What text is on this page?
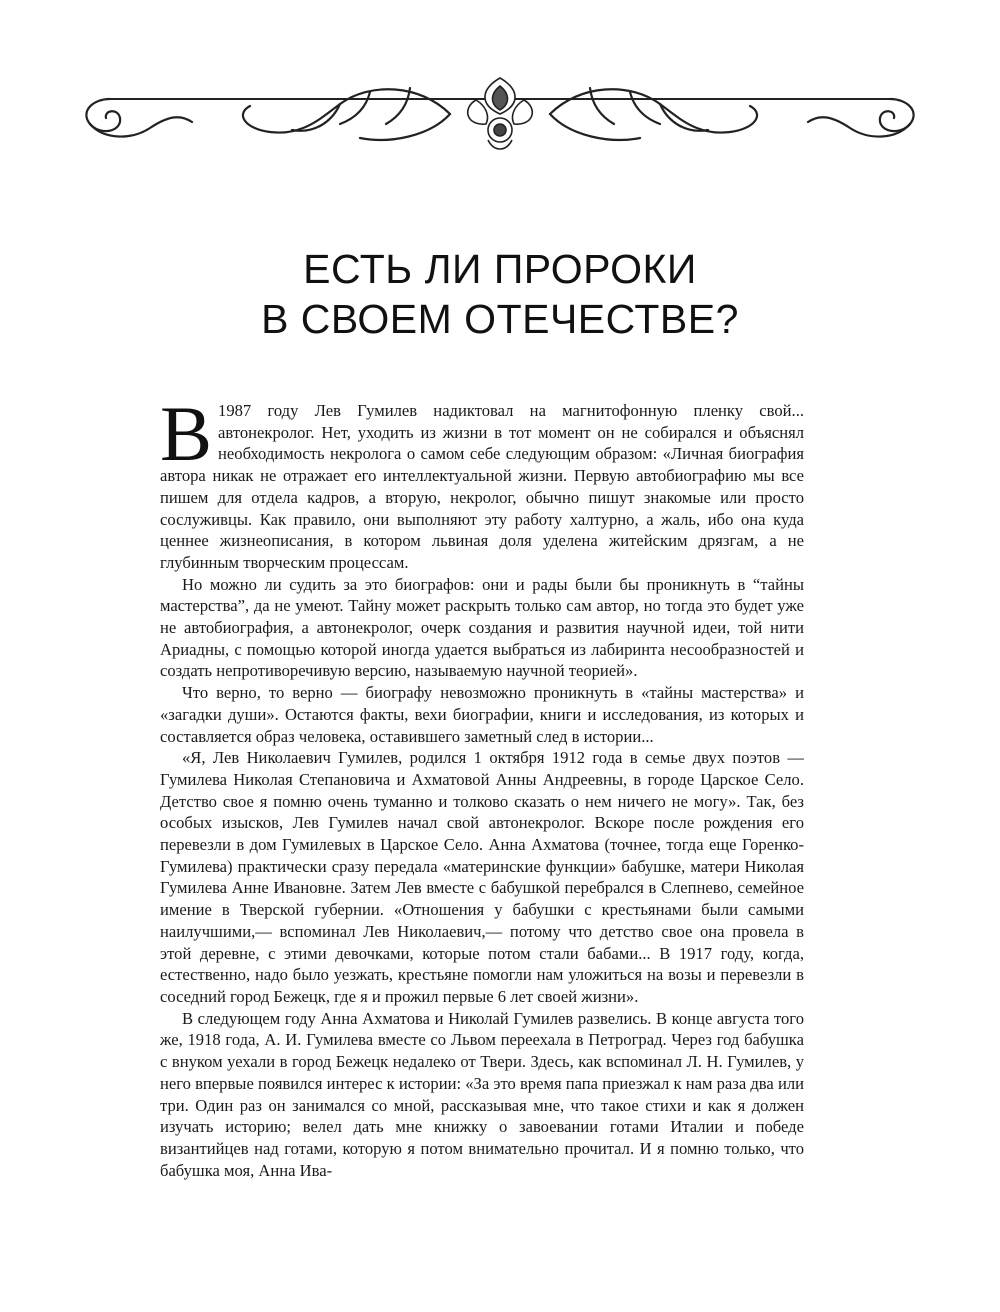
ЕСТЬ ЛИ ПРОРОКИ
В СВОЕМ ОТЕЧЕСТВЕ?

В 1987 году Лев Гумилев надиктовал на магнитофонную пленку свой... автонекролог. Нет, уходить из жизни в тот момент он не собирался и объяснял необходимость некролога о самом себе следующим образом: «Личная биография автора никак не отражает его интеллектуальной жизни. Первую автобиографию мы все пишем для отдела кадров, а вторую, некролог, обычно пишут знакомые или просто сослуживцы. Как правило, они выполняют эту работу халтурно, а жаль, ибо она куда ценнее жизнеописания, в котором львиная доля уделена житейским дрязгам, а не глубинным творческим процессам.

Но можно ли судить за это биографов: они и рады были бы проникнуть в “тайны мастерства”, да не умеют. Тайну может раскрыть только сам автор, но тогда это будет уже не автобиография, а автонекролог, очерк создания и развития научной идеи, той нити Ариадны, с помощью которой иногда удается выбраться из лабиринта несообразностей и создать непротиворечивую версию, называемую научной теорией».

Что верно, то верно — биографу невозможно проникнуть в «тайны мастерства» и «загадки души». Остаются факты, вехи биографии, книги и исследования, из которых и составляется образ человека, оставившего заметный след в истории...

«Я, Лев Николаевич Гумилев, родился 1 октября 1912 года в семье двух поэтов — Гумилева Николая Степановича и Ахматовой Анны Андреевны, в городе Царское Село. Детство свое я помню очень туманно и толково сказать о нем ничего не могу». Так, без особых изысков, Лев Гумилев начал свой автонекролог. Вскоре после рождения его перевезли в дом Гумилевых в Царское Село. Анна Ахматова (точнее, тогда еще Горенко-Гумилева) практически сразу передала «материнские функции» бабушке, матери Николая Гумилева Анне Ивановне. Затем Лев вместе с бабушкой перебрался в Слепнево, семейное имение в Тверской губернии. «Отношения у бабушки с крестьянами были самыми наилучшими,— вспоминал Лев Николаевич,— потому что детство свое она провела в этой деревне, с этими девочками, которые потом стали бабами... В 1917 году, когда, естественно, надо было уезжать, крестьяне помогли нам уложиться на возы и перевезли в соседний город Бежецк, где я и прожил первые 6 лет своей жизни».

В следующем году Анна Ахматова и Николай Гумилев развелись. В конце августа того же, 1918 года, А. И. Гумилева вместе со Львом переехала в Петроград. Через год бабушка с внуком уехали в город Бежецк недалеко от Твери. Здесь, как вспоминал Л. Н. Гумилев, у него впервые появился интерес к истории: «За это время папа приезжал к нам раза два или три. Один раз он занимался со мной, рассказывая мне, что такое стихи и как я должен изучать историю; велел дать мне книжку о завоевании готами Италии и победе византийцев над готами, которую я потом внимательно прочитал. И я помню только, что бабушка моя, Анна Ива-
